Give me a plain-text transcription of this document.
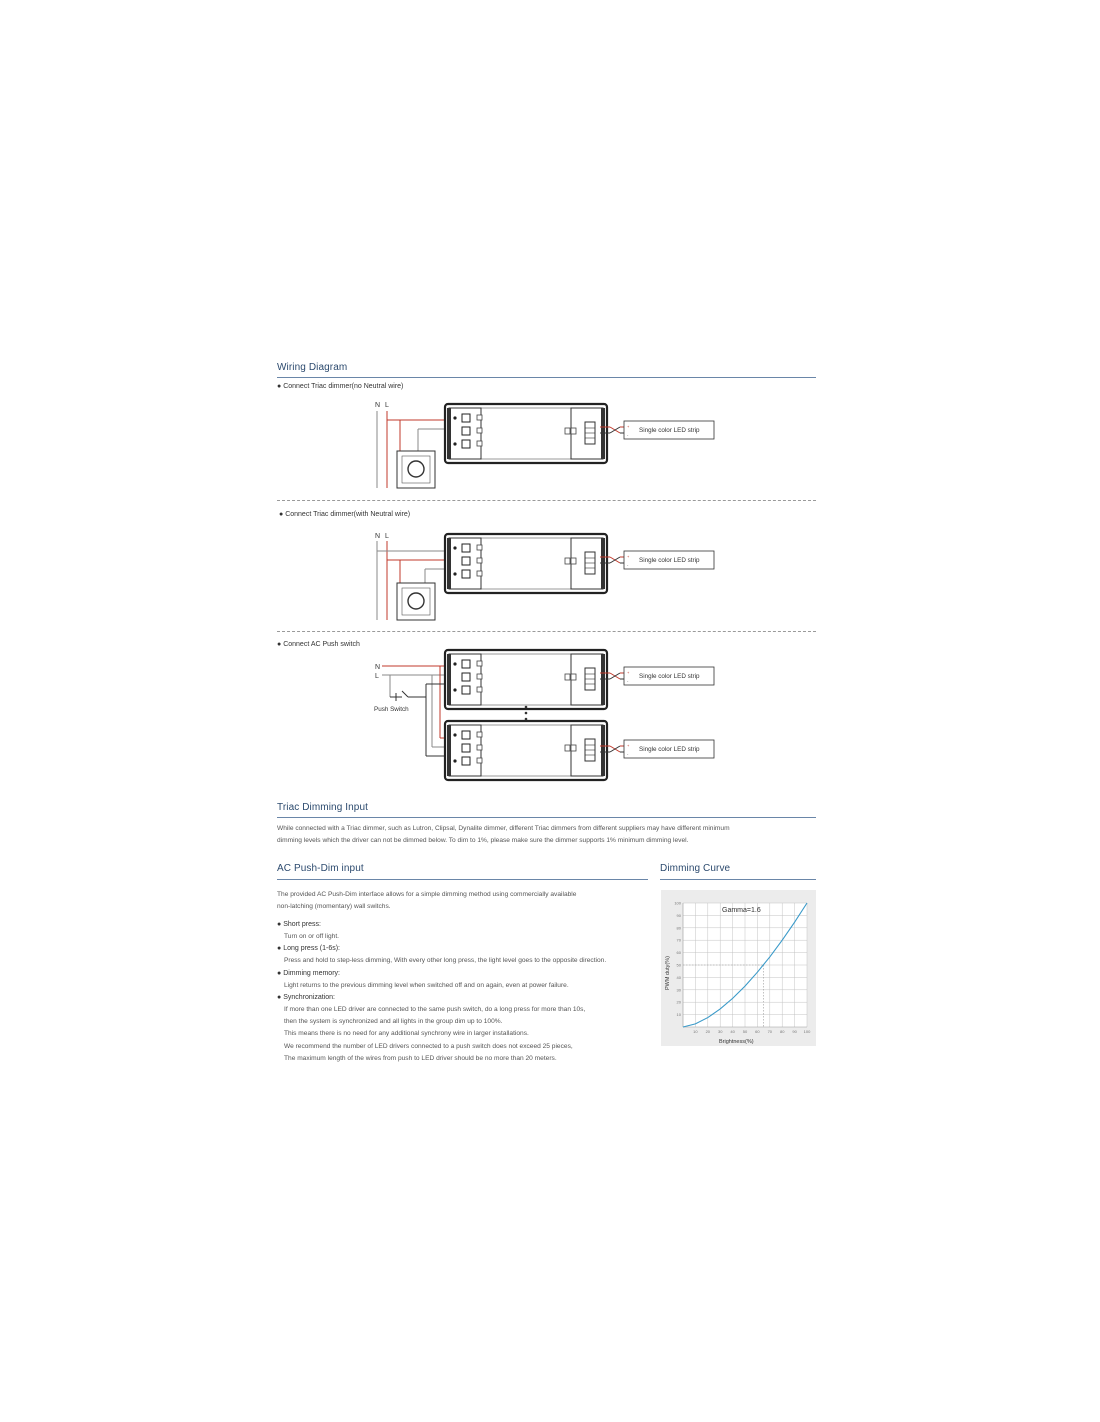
Wiring Diagram
● Connect Triac dimmer(no Neutral wire)
● Connect Triac dimmer(with Neutral wire)
● Connect AC Push switch
N L
+
-
Single color LED strip
N L
+
-
Single color LED strip
N
L
Push Switch
+
-
+
-
Single color LED strip
Single color LED strip
Triac Dimming Input
While connected with a Triac dimmer, such as Lutron, Clipsal, Dynalite dimmer, different Triac dimmers from different suppliers may have different minimum
dimming levels which the driver can not be dimmed below. To dim to 1%, please make sure the dimmer supports 1% minimum dimming level.
AC Push-Dim input
The provided AC Push-Dim interface allows for a simple dimming method using commercially available
non-latching (momentary) wall switchs.
● Short press:
Turn on or off light.
● Long press (1-6s):
Press and hold to step-less dimming, With every other long press, the light level goes to the opposite direction.
● Dimming memory:
Light returns to the previous dimming level when switched off and on again, even at power failure.
● Synchronization:
If more than one LED driver are connected to the same push switch, do a long press for more than 10s,
then the system is synchronized and all lights in the group dim up to 100%.
This means there is no need for any additional synchrony wire in larger installations.
We recommend the number of LED drivers connected to a push switch does not exceed 25 pieces,
The maximum length of the wires from push to LED driver should be no more than 20 meters.
Dimming Curve
10 20 30 40 50 60 70 80 90 100
10
20
30
40
50
60
70
80
90
100
Gamma=1.6
Brightness(%)
PWM duty(%)
